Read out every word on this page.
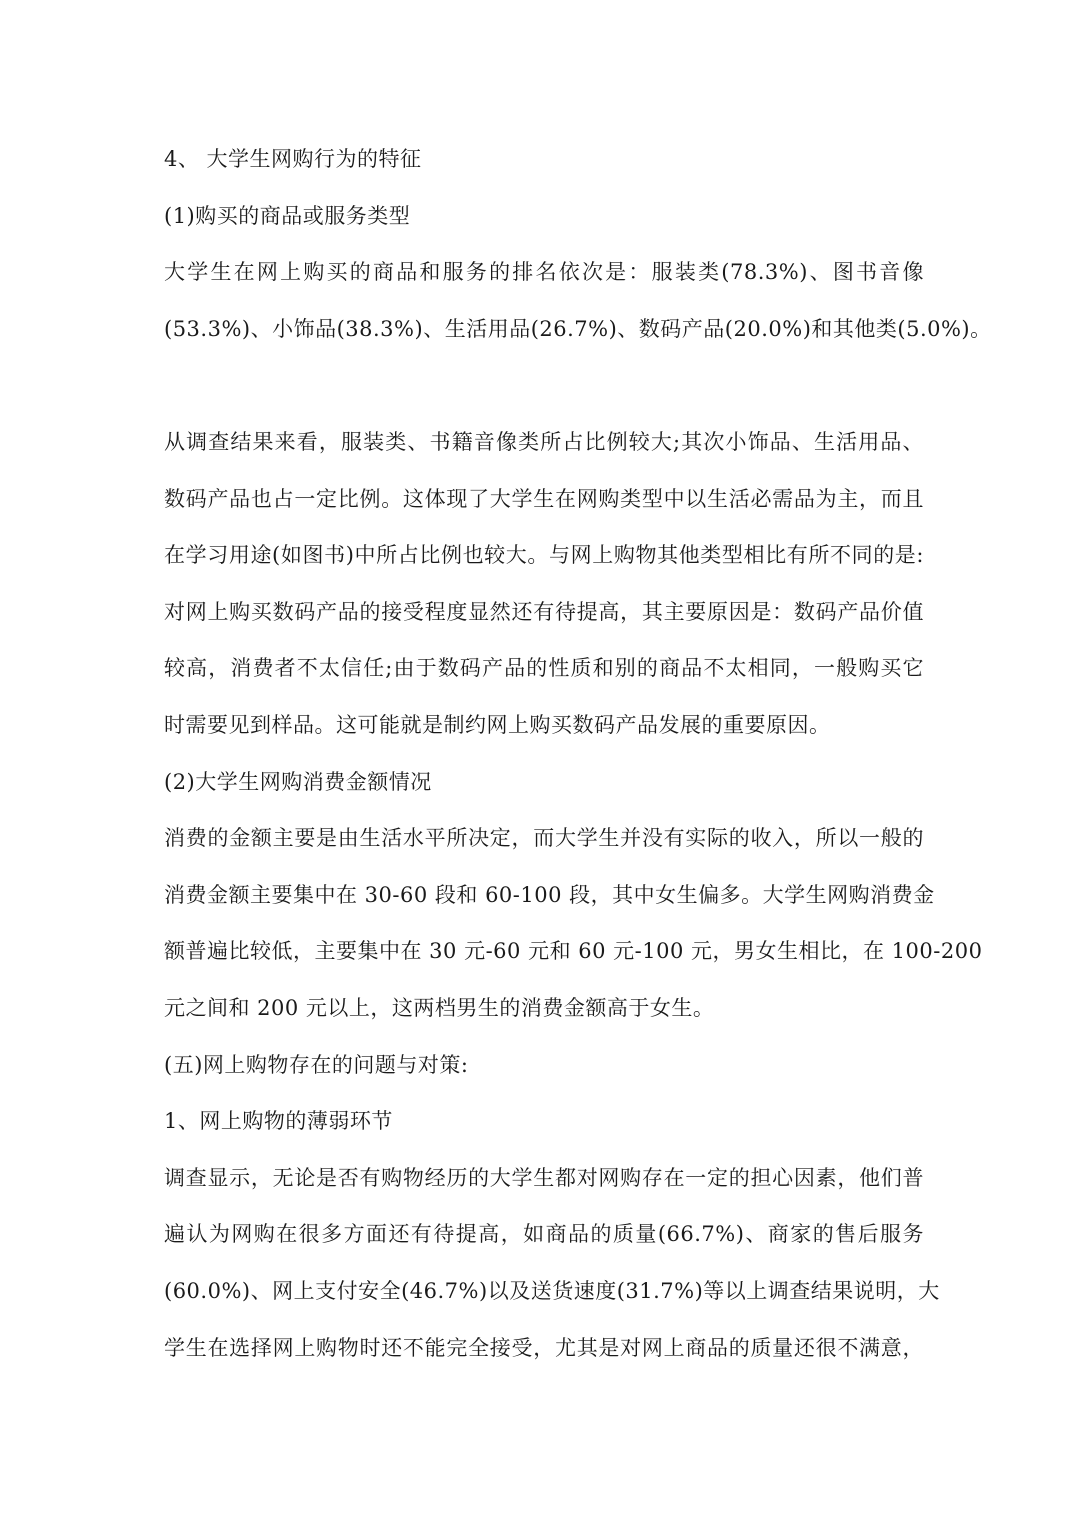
4、 大学生网购行为的特征
(1)购买的商品或服务类型
大学生在网上购买的商品和服务的排名依次是：服装类(78.3%)、图书音像
(53.3%)、小饰品(38.3%)、生活用品(26.7%)、数码产品(20.0%)和其他类(5.0%)。
从调查结果来看，服装类、书籍音像类所占比例较大;其次小饰品、生活用品、
数码产品也占一定比例。这体现了大学生在网购类型中以生活必需品为主，而且
在学习用途(如图书)中所占比例也较大。与网上购物其他类型相比有所不同的是:
对网上购买数码产品的接受程度显然还有待提高，其主要原因是：数码产品价值
较高，消费者不太信任;由于数码产品的性质和别的商品不太相同，一般购买它
时需要见到样品。这可能就是制约网上购买数码产品发展的重要原因。
(2)大学生网购消费金额情况
消费的金额主要是由生活水平所决定，而大学生并没有实际的收入，所以一般的
消费金额主要集中在 30-60 段和 60-100 段，其中女生偏多。大学生网购消费金
额普遍比较低，主要集中在 30 元-60 元和 60 元-100 元，男女生相比，在 100-200
元之间和 200 元以上，这两档男生的消费金额高于女生。
(五)网上购物存在的问题与对策:
1、网上购物的薄弱环节
调查显示，无论是否有购物经历的大学生都对网购存在一定的担心因素，他们普
遍认为网购在很多方面还有待提高，如商品的质量(66.7%)、商家的售后服务
(60.0%)、网上支付安全(46.7%)以及送货速度(31.7%)等以上调查结果说明，大
学生在选择网上购物时还不能完全接受，尤其是对网上商品的质量还很不满意，
